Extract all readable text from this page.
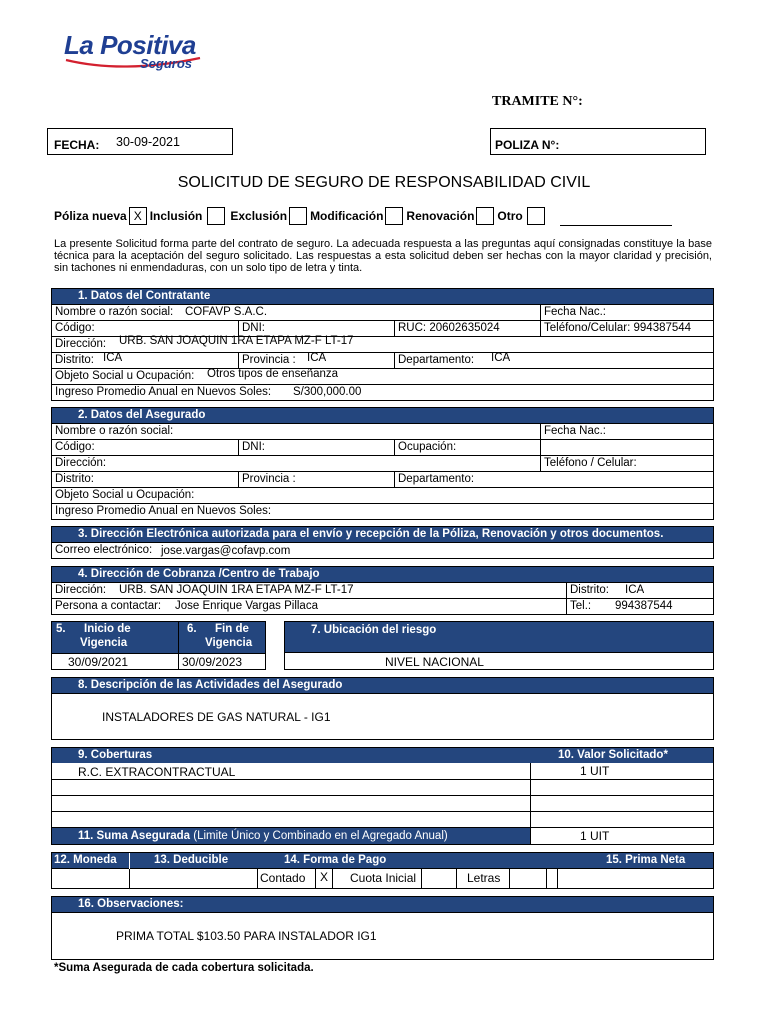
La Positiva
Seguros
TRAMITE N°:
FECHA: 30-09-2021	POLIZA N°:
SOLICITUD DE SEGURO DE RESPONSABILIDAD CIVIL
Póliza nueva X Inclusión Exclusión Modificación Renovación Otro
La presente Solicitud forma parte del contrato de seguro. La adecuada respuesta a las preguntas aquí consignadas constituye la base técnica para la aceptación del seguro solicitado. Las respuestas a esta solicitud deben ser hechas con la mayor claridad y precisión, sin tachones ni enmendaduras, con un solo tipo de letra y tinta.
1. Datos del Contratante
Nombre o razón social: COFAVP S.A.C.	Fecha Nac.:
Código:	DNI:	RUC: 20602635024	Teléfono/Celular: 994387544
Dirección: URB. SAN JOAQUIN 1RA ETAPA MZ-F LT-17
Distrito: ICA	Provincia : ICA	Departamento:	ICA
Objeto Social u Ocupación: Otros tipos de enseñanza
Ingreso Promedio Anual en Nuevos Soles: S/300,000.00
2. Datos del Asegurado
Nombre o razón social:	Fecha Nac.:
Código:	DNI:	Ocupación:
Dirección:	Teléfono / Celular:
Distrito:	Provincia :	Departamento:
Objeto Social u Ocupación:
Ingreso Promedio Anual en Nuevos Soles:
3. Dirección Electrónica autorizada para el envío y recepción de la Póliza, Renovación y otros documentos.
Correo electrónico: jose.vargas@cofavp.com
4. Dirección de Cobranza /Centro de Trabajo
Dirección: URB. SAN JOAQUIN 1RA ETAPA MZ-F LT-17	Distrito:	ICA
Persona a contactar: Jose Enrique Vargas Pillaca	Tel.:	994387544
5. Inicio de
Vigencia
6. Fin de
Vigencia
30/09/2021	30/09/2023
7. Ubicación del riesgo
NIVEL NACIONAL
8. Descripción de las Actividades del Asegurado
INSTALADORES DE GAS NATURAL - IG1
9. Coberturas	10. Valor Solicitado*
R.C. EXTRACONTRACTUAL	1 UIT
11. Suma Asegurada (Limite Único y Combinado en el Agregado Anual)	1 UIT
12. Moneda	13. Deducible	14. Forma de Pago	15. Prima Neta
Contado	X	Cuota Inicial	Letras
16. Observaciones:
PRIMA TOTAL $103.50 PARA INSTALADOR IG1
*Suma Asegurada de cada cobertura solicitada.
